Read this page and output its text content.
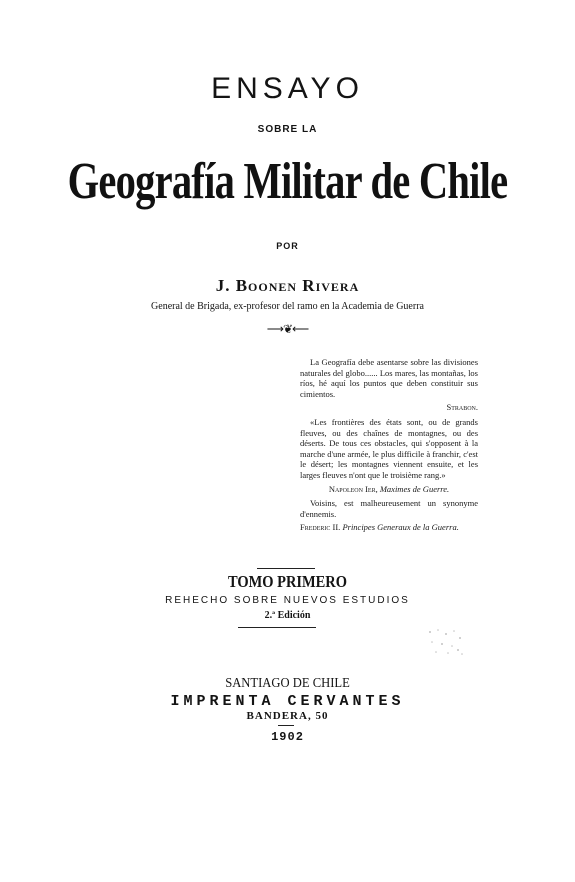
ENSAYO
SOBRE LA
Geografía Militar de Chile
POR
J. Boonen Rivera
General de Brigada, ex-profesor del ramo en la Academia de Guerra
⟶❦⟵

La Geografía debe asentarse sobre las divisiones naturales del globo...... Los mares, las montañas, los ríos, hé aquí los puntos que deben constituir sus cimientos.

Strabon.

«Les frontières des états sont, ou de grands fleuves, ou des chaînes de montagnes, ou des déserts. De tous ces obstacles, qui s'opposent à la marche d'une armée, le plus difficile à franchir, c'est le désert; les montagnes viennent ensuite, et les larges fleuves n'ont que le troisième rang.»

Napoleon Ier, Maximes de Guerre.

Voisins, est malheureusement un synonyme d'ennemis.

Frederic II. Principes Generaux de la Guerra.

TOMO PRIMERO
REHECHO SOBRE NUEVOS ESTUDIOS
2.ª Edición
SANTIAGO DE CHILE
IMPRENTA CERVANTES
BANDERA, 50
1902
